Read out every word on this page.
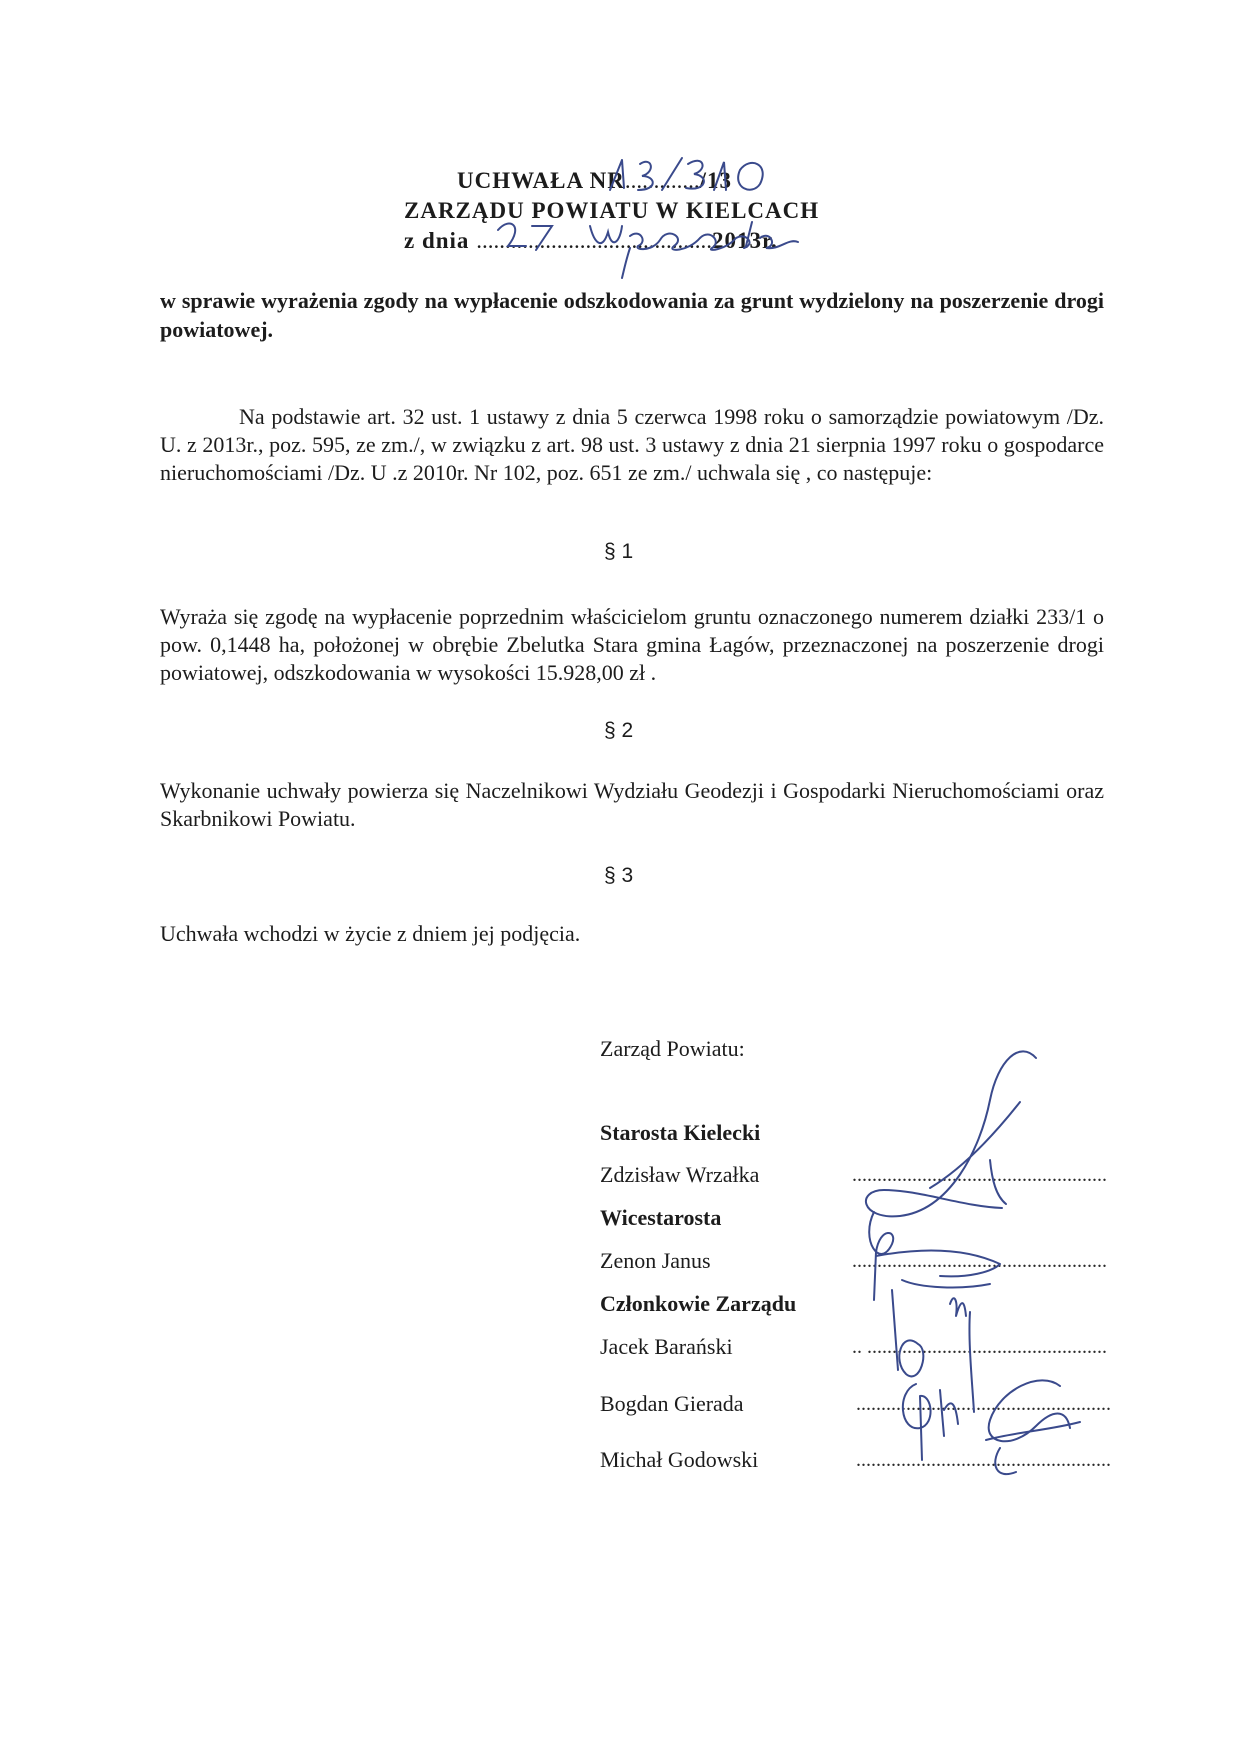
UCHWAŁA NR............./13
ZARZĄDU POWIATU W KIELCACH
z dnia .........................................2013r.
w sprawie wyrażenia zgody na wypłacenie odszkodowania za grunt wydzielony na poszerzenie drogi powiatowej.
Na podstawie art. 32 ust. 1 ustawy z dnia 5 czerwca 1998 roku o samorządzie powiatowym /Dz. U. z 2013r., poz. 595, ze zm./, w związku z art. 98 ust. 3 ustawy z dnia 21 sierpnia 1997 roku o gospodarce nieruchomościami /Dz. U .z 2010r. Nr 102, poz. 651 ze zm./ uchwala się , co następuje:
§ 1
Wyraża się zgodę na wypłacenie poprzednim właścicielom gruntu oznaczonego numerem działki 233/1 o pow. 0,1448 ha, położonej w obrębie Zbelutka Stara gmina Łagów, przeznaczonej na poszerzenie drogi powiatowej, odszkodowania w wysokości 15.928,00 zł .
§ 2
Wykonanie uchwały powierza się Naczelnikowi Wydziału Geodezji i Gospodarki Nieruchomościami oraz Skarbnikowi Powiatu.
§ 3
Uchwała wchodzi w życie z dniem jej podjęcia.
Zarząd Powiatu:
Starosta Kielecki
Zdzisław Wrzałka	...................................................
Wicestarosta
Zenon Janus	...................................................
Członkowie Zarządu
Jacek Barański	.. ................................................
Bogdan Gierada	...................................................
Michał Godowski	...................................................
